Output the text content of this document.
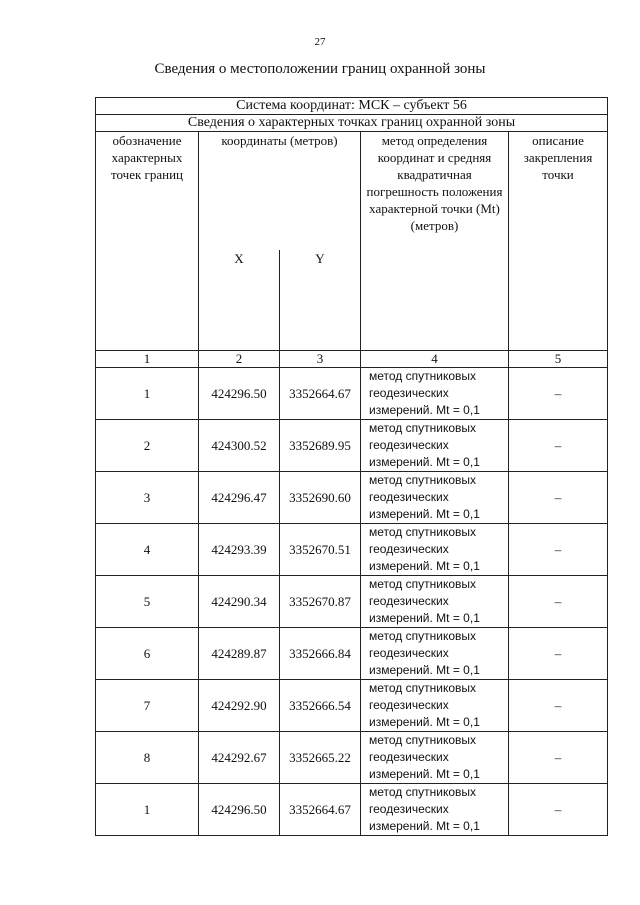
27
Сведения о местоположении границ охранной зоны
Система координат: МСК – субъект 56				
Сведения о характерных точках границ охранной зоны				
обозначение характерных точек границ	координаты (метров)		метод определения координат и средняя квадратичная погрешность положения характерной точки (Mt) (метров)	описание закрепления точки
	X	Y		
1	2	3	4	5
1	424296.50	3352664.67	метод спутниковых
геодезических
измерений. Mt = 0,1	–
2	424300.52	3352689.95	метод спутниковых
геодезических
измерений. Mt = 0,1	–
3	424296.47	3352690.60	метод спутниковых
геодезических
измерений. Mt = 0,1	–
4	424293.39	3352670.51	метод спутниковых
геодезических
измерений. Mt = 0,1	–
5	424290.34	3352670.87	метод спутниковых
геодезических
измерений. Mt = 0,1	–
6	424289.87	3352666.84	метод спутниковых
геодезических
измерений. Mt = 0,1	–
7	424292.90	3352666.54	метод спутниковых
геодезических
измерений. Mt = 0,1	–
8	424292.67	3352665.22	метод спутниковых
геодезических
измерений. Mt = 0,1	–
1	424296.50	3352664.67	метод спутниковых
геодезических
измерений. Mt = 0,1	–
